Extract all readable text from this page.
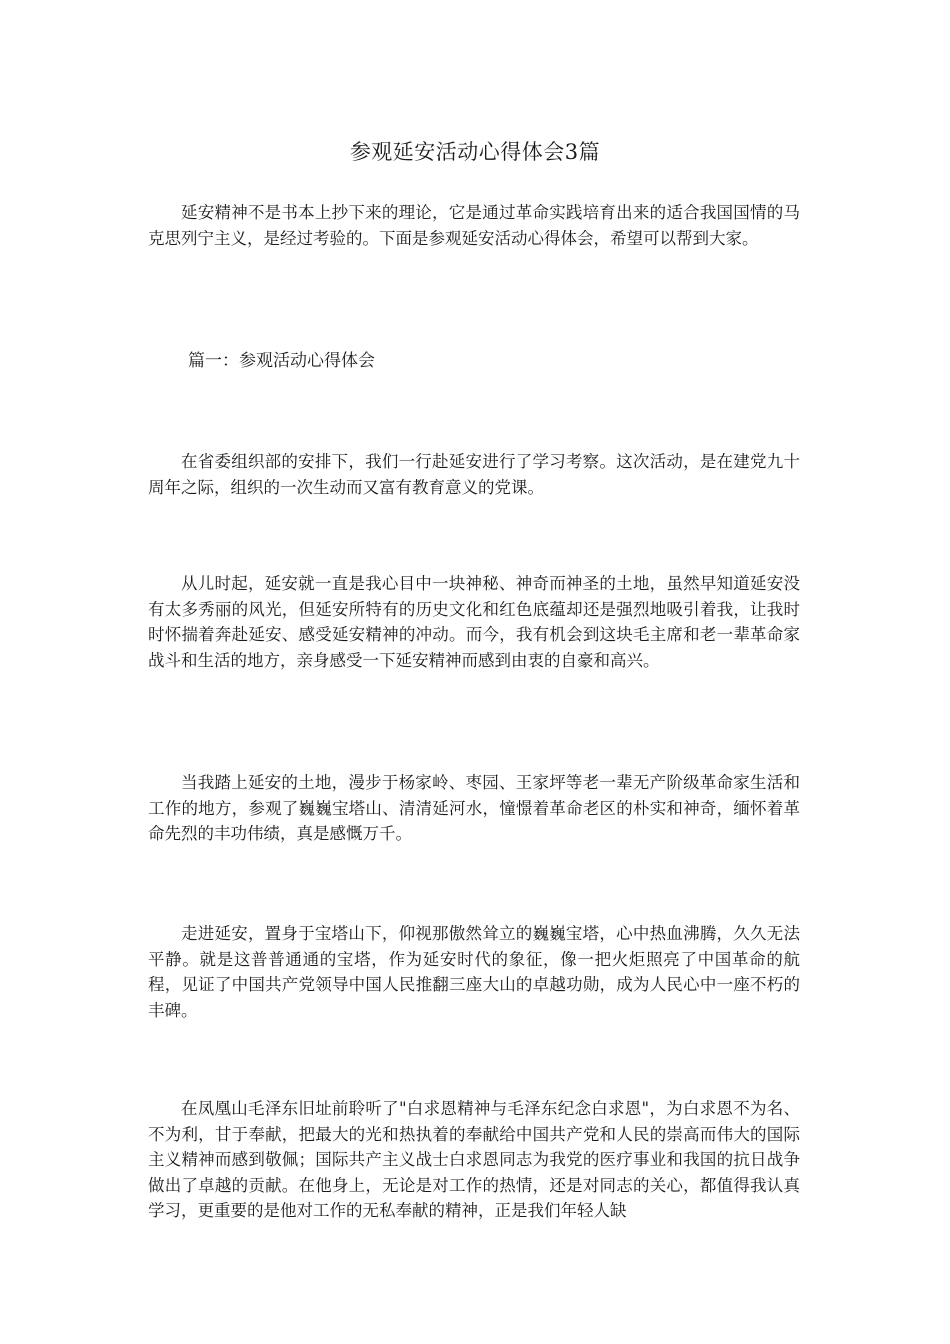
参观延安活动心得体会3篇

延安精神不是书本上抄下来的理论，它是通过革命实践培育出来的适合我国国情的马克思列宁主义，是经过考验的。下面是参观延安活动心得体会，希望可以帮到大家。

篇一：参观活动心得体会

在省委组织部的安排下，我们一行赴延安进行了学习考察。这次活动，是在建党九十周年之际，组织的一次生动而又富有教育意义的党课。

从儿时起，延安就一直是我心目中一块神秘、神奇而神圣的土地，虽然早知道延安没有太多秀丽的风光，但延安所特有的历史文化和红色底蕴却还是强烈地吸引着我，让我时时怀揣着奔赴延安、感受延安精神的冲动。而今，我有机会到这块毛主席和老一辈革命家战斗和生活的地方，亲身感受一下延安精神而感到由衷的自豪和高兴。

当我踏上延安的土地，漫步于杨家岭、枣园、王家坪等老一辈无产阶级革命家生活和工作的地方，参观了巍巍宝塔山、清清延河水，憧憬着革命老区的朴实和神奇，缅怀着革命先烈的丰功伟绩，真是感慨万千。

走进延安，置身于宝塔山下，仰视那傲然耸立的巍巍宝塔，心中热血沸腾，久久无法平静。就是这普普通通的宝塔，作为延安时代的象征，像一把火炬照亮了中国革命的航程，见证了中国共产党领导中国人民推翻三座大山的卓越功勋，成为人民心中一座不朽的丰碑。

在凤凰山毛泽东旧址前聆听了"白求恩精神与毛泽东纪念白求恩"，为白求恩不为名、不为利，甘于奉献，把最大的光和热执着的奉献给中国共产党和人民的崇高而伟大的国际主义精神而感到敬佩；国际共产主义战士白求恩同志为我党的医疗事业和我国的抗日战争做出了卓越的贡献。在他身上，无论是对工作的热情，还是对同志的关心，都值得我认真学习，更重要的是他对工作的无私奉献的精神，正是我们年轻人缺
